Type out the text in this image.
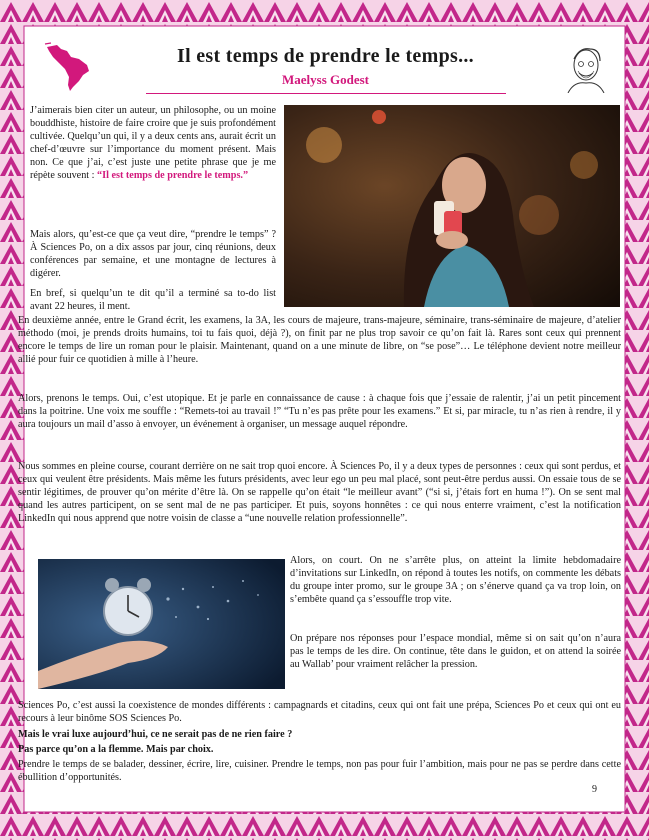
Il est temps de prendre le temps...
Maelyss Godest

J’aimerais bien citer un auteur, un philosophe, ou un moine bouddhiste, histoire de faire croire que je suis profondément cultivée. Quelqu’un qui, il y a deux cents ans, aurait écrit un chef-d’œuvre sur l’importance du moment présent. Mais non. Ce que j’ai, c’est juste une petite phrase que je me répète souvent : “Il est temps de prendre le temps.”

Mais alors, qu’est-ce que ça veut dire, “prendre le temps” ? À Sciences Po, on a dix assos par jour, cinq réunions, deux conférences par semaine, et une montagne de lectures à digérer.

En bref, si quelqu’un te dit qu’il a terminé sa to-do list avant 22 heures, il ment.

En deuxième année, entre le Grand écrit, les examens, la 3A, les cours de majeure, trans-majeure, séminaire, trans-séminaire de majeure, d’atelier méthodo (moi, je prends droits humains, toi tu fais quoi, déjà ?), on finit par ne plus trop savoir ce qu’on fait là. Rares sont ceux qui prennent encore le temps de lire un roman pour le plaisir. Maintenant, quand on a une minute de libre, on “se pose”… Le téléphone devient notre meilleur allié pour fuir ce quotidien à mille à l’heure.

Alors, prenons le temps. Oui, c’est utopique. Et je parle en connaissance de cause : à chaque fois que j’essaie de ralentir, j’ai un petit pincement dans la poitrine. Une voix me souffle : “Remets-toi au travail !” “Tu n’es pas prête pour les examens.” Et si, par miracle, tu n’as rien à rendre, il y aura toujours un mail d’asso à envoyer, un événement à organiser, un message auquel répondre.

Nous sommes en pleine course, courant derrière on ne sait trop quoi encore. À Sciences Po, il y a deux types de personnes : ceux qui sont perdus, et ceux qui veulent être présidents. Mais même les futurs présidents, avec leur ego un peu mal placé, sont peut-être perdus aussi. On essaie tous de se sentir légitimes, de prouver qu’on mérite d’être là. On se rappelle qu’on était “le meilleur avant” (“si si, j’étais fort en huma !”). On se sent mal quand les autres participent, on se sent mal de ne pas participer. Et puis, soyons honnêtes : ce qui nous enterre vraiment, c’est la notification LinkedIn qui nous apprend que notre voisin de classe a “une nouvelle relation professionnelle”.

Alors, on court. On ne s’arrête plus, on atteint la limite hebdomadaire d’invitations sur LinkedIn, on répond à toutes les notifs, on commente les débats du groupe inter promo, sur le groupe 3A ; on s’énerve quand ça va trop loin, on s’embête quand ça s’essouffle trop vite.

On prépare nos réponses pour l’espace mondial, même si on sait qu’on n’aura pas le temps de les dire. On continue, tête dans le guidon, et on attend la soirée au Wallab’ pour vraiment relâcher la pression.

Sciences Po, c’est aussi la coexistence de mondes différents : campagnards et citadins, ceux qui ont fait une prépa, Sciences Po et ceux qui ont eu recours à leur binôme SOS Sciences Po.

Mais le vrai luxe aujourd’hui, ce ne serait pas de ne rien faire ?

Pas parce qu’on a la flemme. Mais par choix.

Prendre le temps de se balader, dessiner, écrire, lire, cuisiner. Prendre le temps, non pas pour fuir l’ambition, mais pour ne pas se perdre dans cette ébullition d’opportunités.

9
